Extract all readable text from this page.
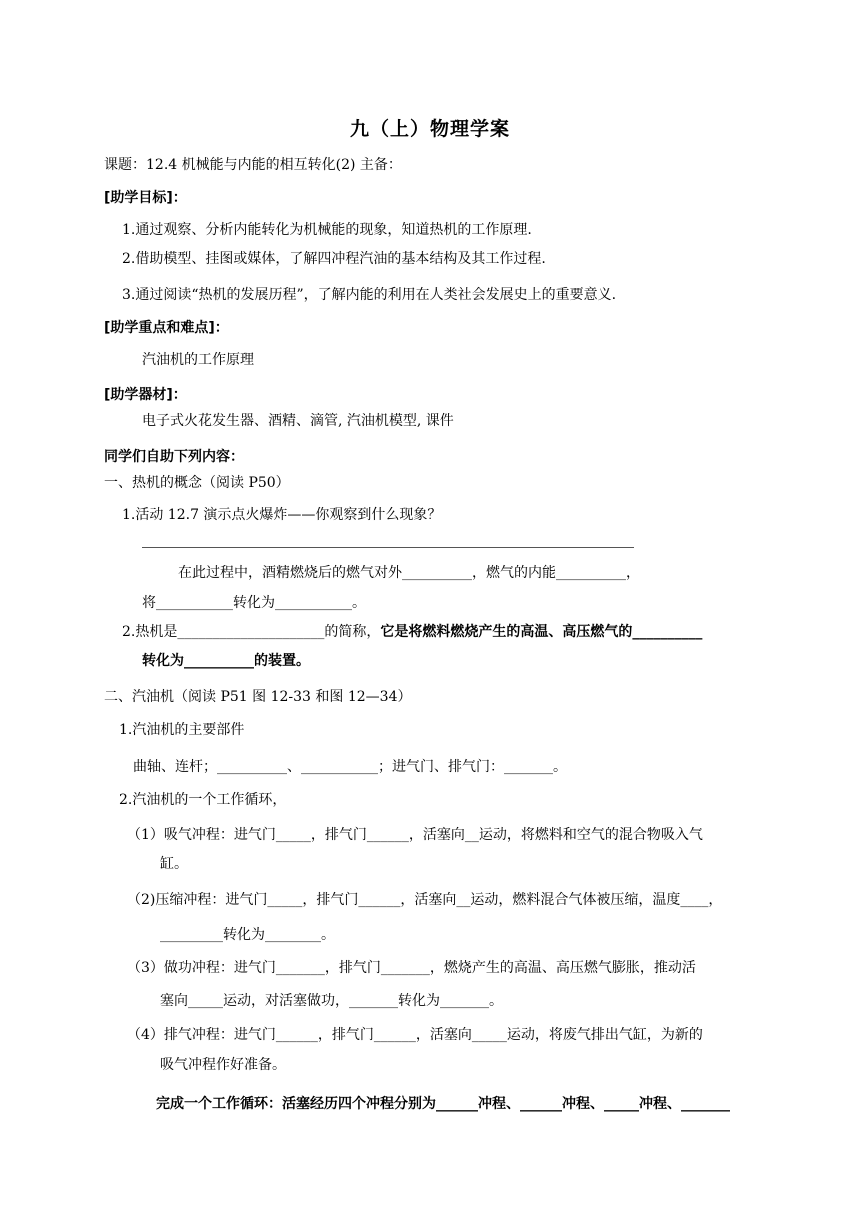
九（上）物理学案
课题：12.4 机械能与内能的相互转化(2) 主备：
[助学目标]：
1.通过观察、分析内能转化为机械能的现象，知道热机的工作原理.
2.借助模型、挂图或媒体，了解四冲程汽油的基本结构及其工作过程.
3.通过阅读“热机的发展历程”，了解内能的利用在人类社会发展史上的重要意义.
[助学重点和难点]：
汽油机的工作原理
[助学器材]：
电子式火花发生器、酒精、滴管, 汽油机模型, 课件
同学们自助下列内容：
一、热机的概念（阅读 P50）
1.活动 12.7 演示点火爆炸——你观察到什么现象？
在此过程中，酒精燃烧后的燃气对外__________，燃气的内能__________，
将___________转化为___________。
2.热机是_____________________的简称，它是将燃料燃烧产生的高温、高压燃气的__________
转化为__________的装置。
二、汽油机（阅读 P51 图 12-33 和图 12—34）
1.汽油机的主要部件
曲轴、连杆；__________、___________；进气门、排气门：_______。
2.汽油机的一个工作循环，
（1）吸气冲程：进气门_____，排气门______，活塞向__运动，将燃料和空气的混合物吸入气
缸。
（2)压缩冲程：进气门_____，排气门______，活塞向__运动，燃料混合气体被压缩，温度____，
_________转化为________。
（3）做功冲程：进气门_______，排气门_______，燃烧产生的高温、高压燃气膨胀，推动活
塞向_____运动，对活塞做功，_______转化为_______。
（4）排气冲程：进气门______，排气门______，活塞向_____运动，将废气排出气缸，为新的
吸气冲程作好准备。
完成一个工作循环：活塞经历四个冲程分别为______冲程、______冲程、_____冲程、_______
